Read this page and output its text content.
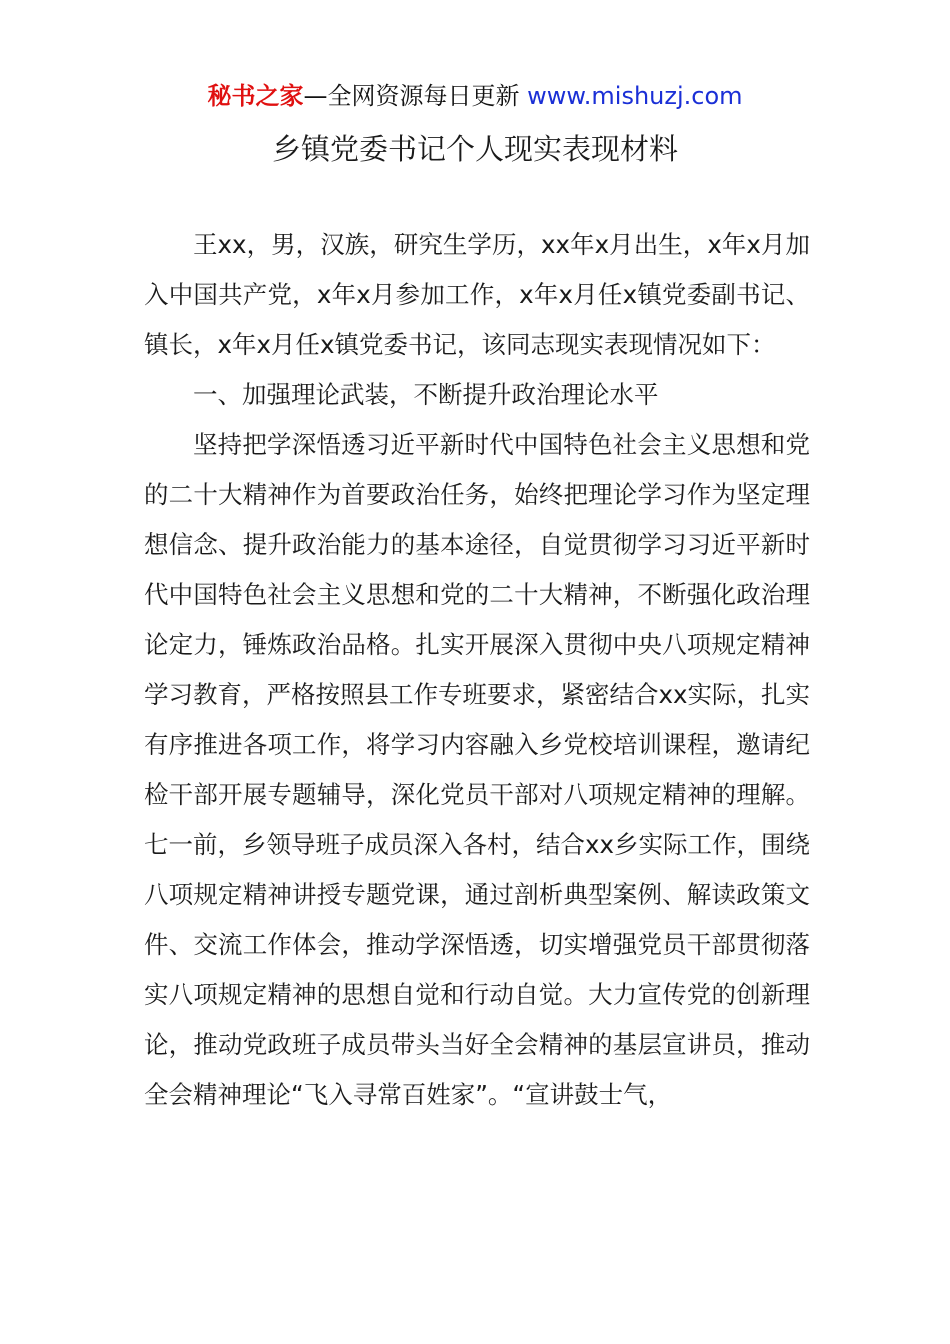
秘书之家—全网资源每日更新 www.mishuzj.com
乡镇党委书记个人现实表现材料

王xx，男，汉族，研究生学历，xx年x月出生，x年x月加入中国共产党，x年x月参加工作，x年x月任x镇党委副书记、镇长，x年x月任x镇党委书记，该同志现实表现情况如下：

一、加强理论武装，不断提升政治理论水平

坚持把学深悟透习近平新时代中国特色社会主义思想和党的二十大精神作为首要政治任务，始终把理论学习作为坚定理想信念、提升政治能力的基本途径，自觉贯彻学习习近平新时代中国特色社会主义思想和党的二十大精神，不断强化政治理论定力，锤炼政治品格。扎实开展深入贯彻中央八项规定精神学习教育，严格按照县工作专班要求，紧密结合xx实际，扎实有序推进各项工作，将学习内容融入乡党校培训课程，邀请纪检干部开展专题辅导，深化党员干部对八项规定精神的理解。七一前，乡领导班子成员深入各村，结合xx乡实际工作，围绕八项规定精神讲授专题党课，通过剖析典型案例、解读政策文件、交流工作体会，推动学深悟透，切实增强党员干部贯彻落实八项规定精神的思想自觉和行动自觉。大力宣传党的创新理论，推动党政班子成员带头当好全会精神的基层宣讲员，推动全会精神理论“飞入寻常百姓家”。“宣讲鼓士气，
